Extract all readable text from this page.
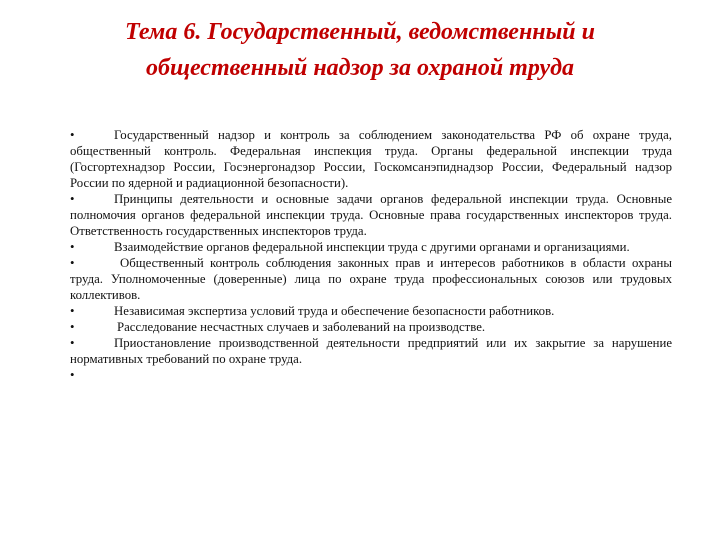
Тема 6. Государственный, ведомственный и
общественный надзор за охраной труда

•	Государственный надзор и контроль за соблюдением законодательства РФ об охране труда, общественный контроль. Федеральная инспекция труда. Органы федеральной инспекции труда (Госгортехнадзор России, Госэнергонадзор России, Госкомсанэпиднадзор России, Федеральный надзор России по ядерной и радиационной безопасности).

•	Принципы деятельности и основные задачи органов федеральной инспекции труда. Основные полномочия органов федеральной инспекции труда. Основные права государственных инспекторов труда. Ответственность государственных инспекторов труда.

•	Взаимодействие органов федеральной инспекции труда с другими органами и организациями.

•	Общественный контроль соблюдения законных прав и интересов работников в области охраны труда. Уполномоченные (доверенные) лица по охране труда профессиональных союзов или трудовых коллективов.

•	Независимая экспертиза условий труда и обеспечение безопасности работников.

•	Расследование несчастных случаев и заболеваний на производстве.

•	Приостановление производственной деятельности предприятий или их закрытие за нарушение нормативных требований по охране труда.

•
